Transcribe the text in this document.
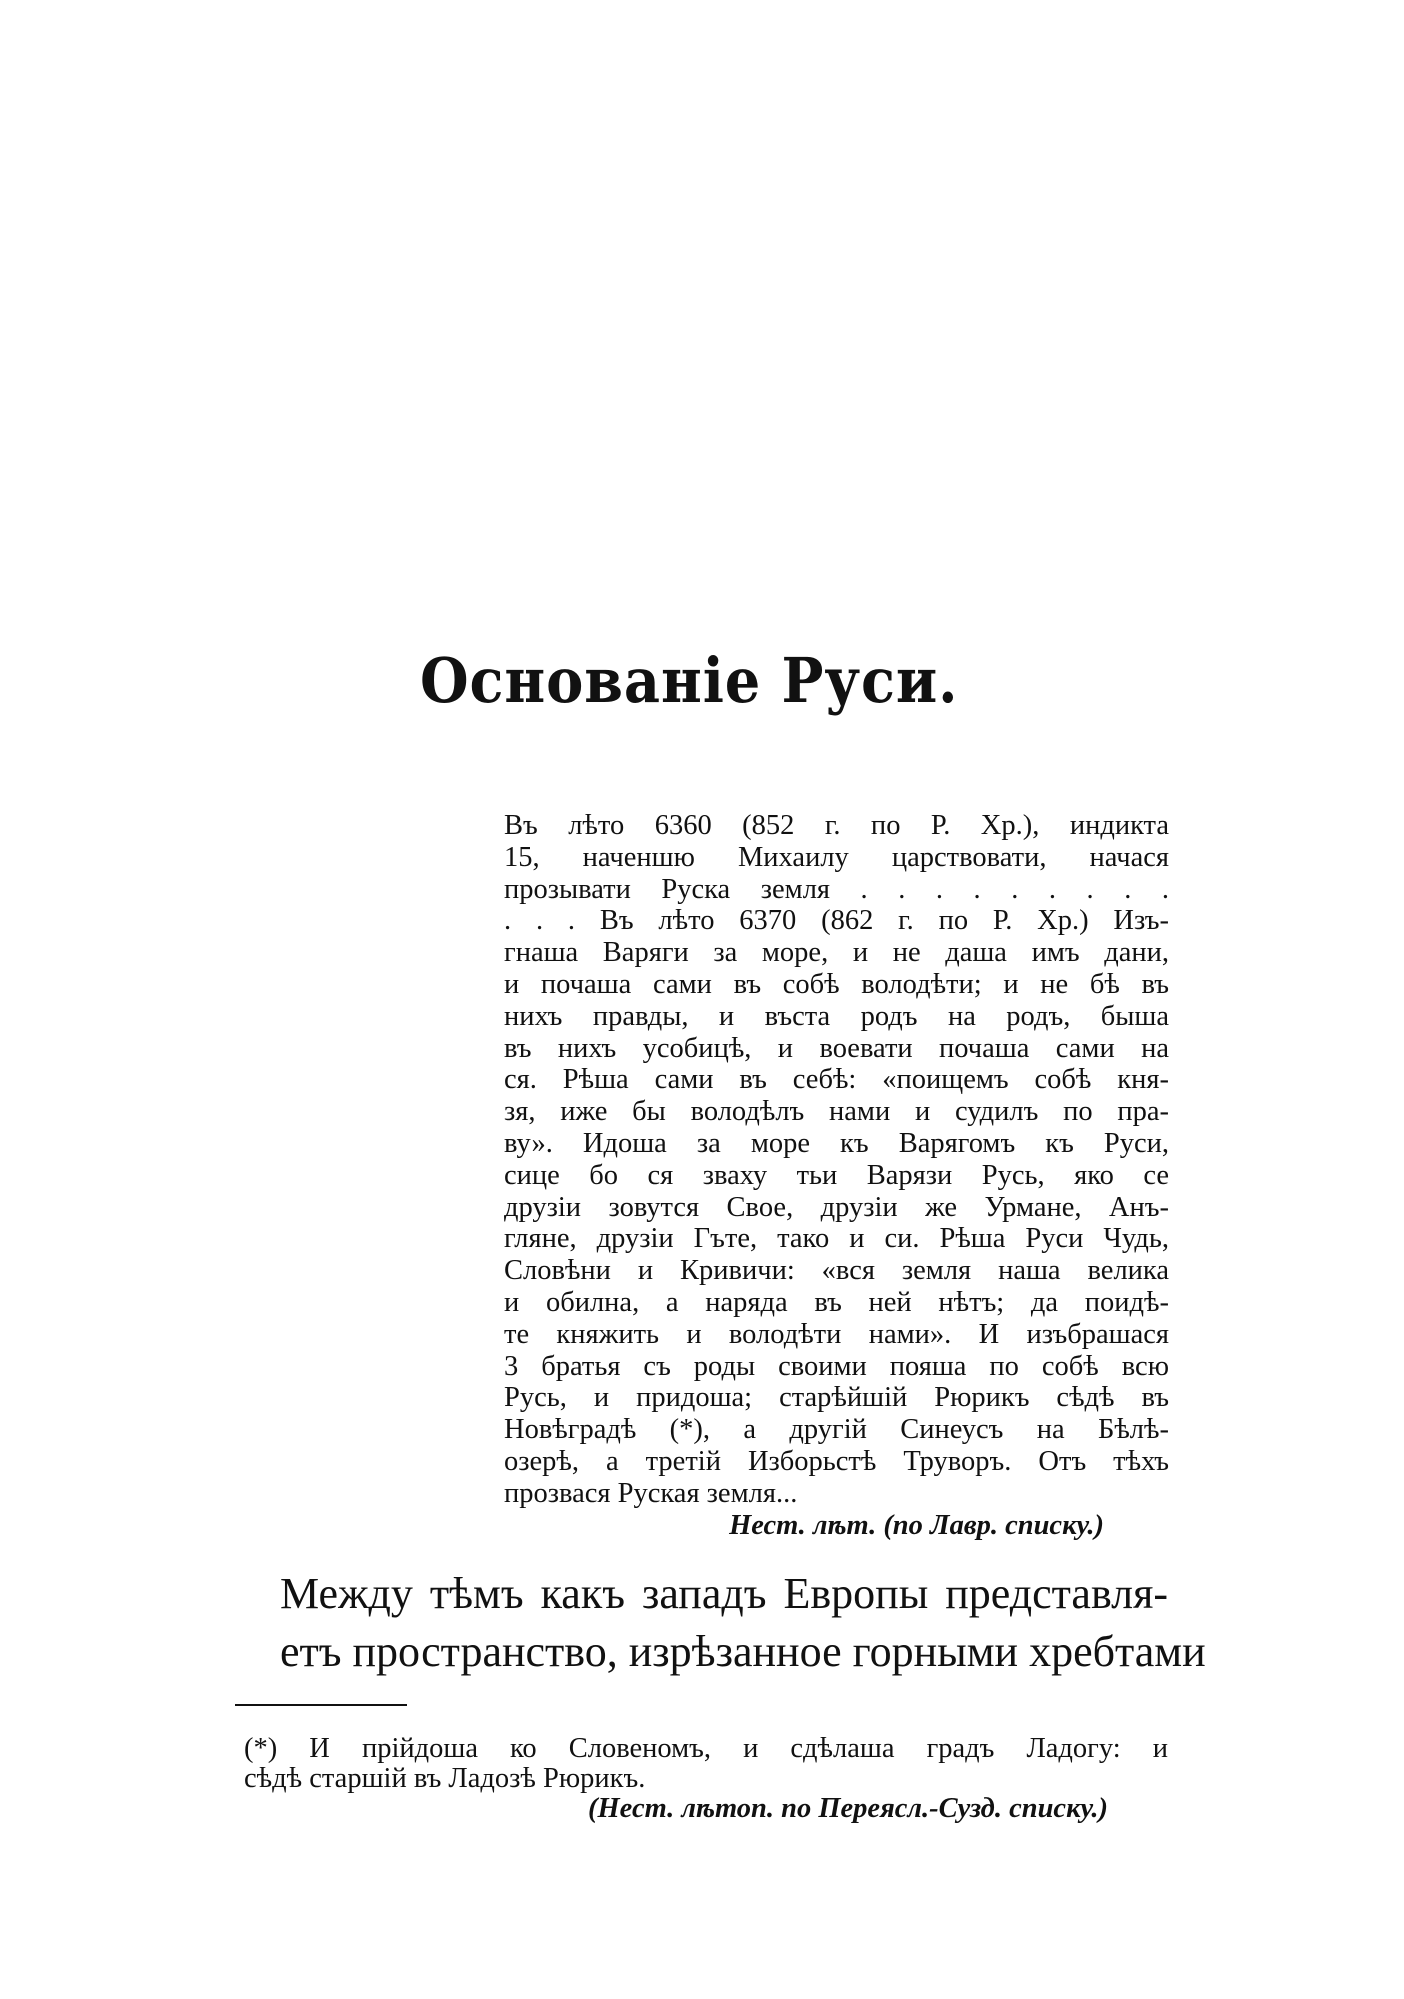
Основаніе Руси.
Въ лѣто 6360 (852 г. по Р. Хр.), индикта
15, наченшю Михаилу царствовати, начася
прозывати Руска земля . . . . . . . . .
. . . Въ лѣто 6370 (862 г. по Р. Хр.) Изъ-
гнаша Варяги за море, и не даша имъ дани,
и почаша сами въ собѣ володѣти; и не бѣ въ
нихъ правды, и въста родъ на родъ, быша
въ нихъ усобицѣ, и воевати почаша сами на
ся. Рѣша сами въ себѣ: «поищемъ собѣ кня-
зя, иже бы володѣлъ нами и судилъ по пра-
ву». Идоша за море къ Варягомъ къ Руси,
сице бо ся зваху тьи Варязи Русь, яко се
друзіи зовутся Свое, друзіи же Урмане, Анъ-
гляне, друзіи Гъте, тако и си. Рѣша Руси Чудь,
Словѣни и Кривичи: «вся земля наша велика
и обилна, а наряда въ ней нѣтъ; да поидѣ-
те княжить и володѣти нами». И изъбрашася
3 братья съ роды своими пояша по собѣ всю
Русь, и придоша; старѣйшій Рюрикъ сѣдѣ въ
Новѣградѣ (*), а другій Синеусъ на Бѣлѣ-
озерѣ, а третій Изборьстѣ Труворъ. Отъ тѣхъ
прозвася Руская земля...
Нест. лѣт. (по Лавр. списку.)
Между тѣмъ какъ западъ Европы представля-
етъ пространство, изрѣзанное горными хребтами
(*) И прійдоша ко Словеномъ, и сдѣлаша градъ Ладогу: и
сѣдѣ старшій въ Ладозѣ Рюрикъ.
(Нест. лѣтоп. по Переясл.-Сузд. списку.)
